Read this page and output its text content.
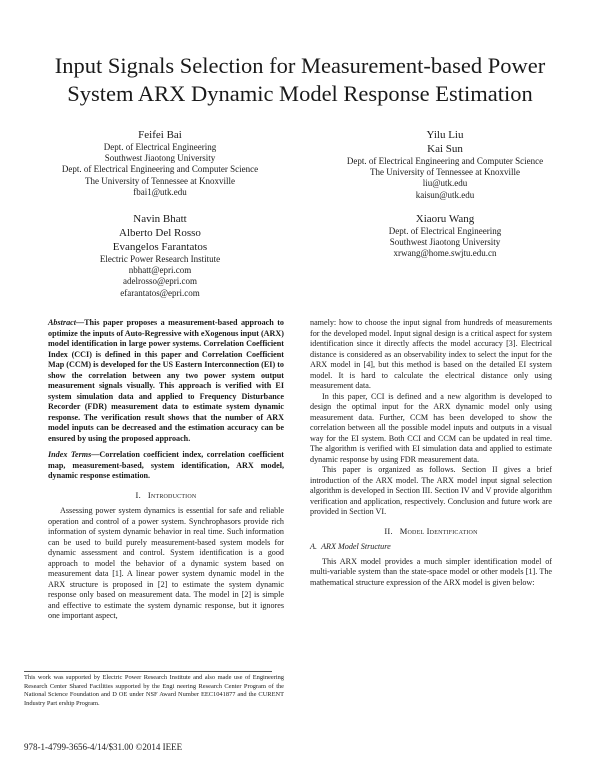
Input Signals Selection for Measurement-based Power
System ARX Dynamic Model Response Estimation
Feifei Bai
Dept. of Electrical Engineering
Southwest Jiaotong University
Dept. of Electrical Engineering and Computer Science
The University of Tennessee at Knoxville
fbai1@utk.edu
Yilu Liu
Kai Sun
Dept. of Electrical Engineering and Computer Science
The University of Tennessee at Knoxville
liu@utk.edu
kaisun@utk.edu
Navin Bhatt
Alberto Del Rosso
Evangelos Farantatos
Electric Power Research Institute
nbhatt@epri.com
adelrosso@epri.com
efarantatos@epri.com
Xiaoru Wang
Dept. of Electrical Engineering
Southwest Jiaotong University
xrwang@home.swjtu.edu.cn

Abstract—This paper proposes a measurement-based approach to optimize the inputs of Auto-Regressive with eXogenous input (ARX) model identification in large power systems. Correlation Coefficient Index (CCI) is defined in this paper and Correlation Coefficient Map (CCM) is developed for the US Eastern Interconnection (EI) to show the correlation between any two power system output measurement signals visually. This approach is verified with EI system simulation data and applied to Frequency Disturbance Recorder (FDR) measurement data to estimate system dynamic response. The verification result shows that the number of ARX model inputs can be decreased and the estimation accuracy can be ensured by using the proposed approach.

Index Terms—Correlation coefficient index, correlation coefficient map, measurement-based, system identification, ARX model, dynamic response estimation.

I. Introduction

Assessing power system dynamics is essential for safe and reliable operation and control of a power system. Synchrophasors provide rich information of system dynamic behavior in real time. Such information can be used to build purely measurement-based system models for dynamic assessment and control. System identification is a good approach to model the behavior of a dynamic system based on measurement data [1]. A linear power system dynamic model in the ARX structure is proposed in [2] to estimate the system dynamic response only based on measurement data. The model in [2] is simple and effective to estimate the system dynamic response, but it ignores one important aspect,

namely: how to choose the input signal from hundreds of measurements for the developed model. Input signal design is a critical aspect for system identification since it directly affects the model accuracy [3]. Electrical distance is considered as an observability index to select the input for the ARX model in [4], but this method is based on the detailed EI system model. It is hard to calculate the electrical distance only using measurement data.

In this paper, CCI is defined and a new algorithm is developed to design the optimal input for the ARX dynamic model only using measurement data. Further, CCM has been developed to show the correlation between all the possible model inputs and outputs in a visual way for the EI system. Both CCI and CCM can be updated in real time. The algorithm is verified with EI simulation data and applied to estimate dynamic response by using FDR measurement data.

This paper is organized as follows. Section II gives a brief introduction of the ARX model. The ARX model input signal selection algorithm is developed in Section III. Section IV and V provide algorithm verification and application, respectively. Conclusion and future work are provided in Section VI.

II. Model Identification
A. ARX Model Structure

This ARX model provides a much simpler identification model of multi-variable system than the state-space model or other models [1]. The mathematical structure expression of the ARX model is given below:

This work was supported by Electric Power Research Institute and also made use of Engineering Research Center Shared Facilities supported by the Engi neering Research Center Program of the National Science Foundation and D OE under NSF Award Number EEC1041877 and the CURENT Industry Part ership Program.
978-1-4799-3656-4/14/$31.00 ©2014 IEEE
